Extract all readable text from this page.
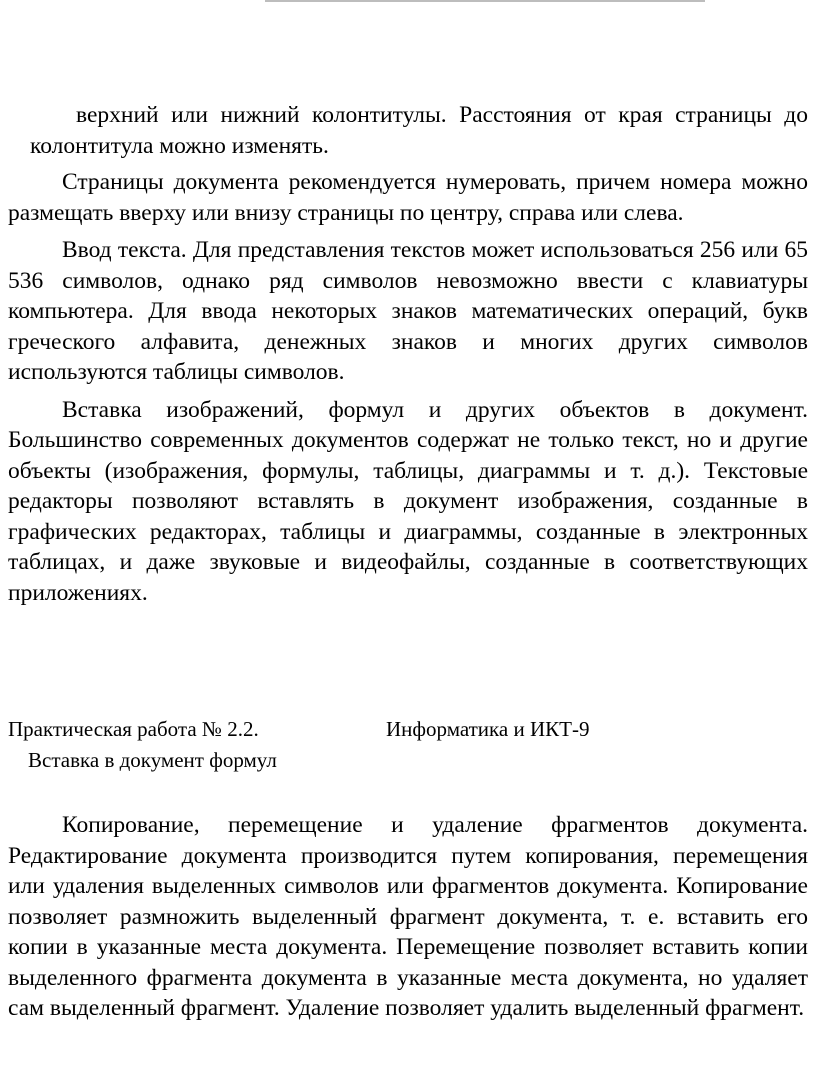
верхний или нижний колонтитулы. Расстояния от края страницы до колонтитула можно изменять.

Страницы документа рекомендуется нумеровать, причем номера можно размещать вверху или внизу страницы по центру, справа или слева.

Ввод текста. Для представления текстов может использоваться 256 или 65 536 символов, однако ряд символов невозможно ввести с клавиатуры компьютера. Для ввода некоторых знаков математических операций, букв греческого алфавита, денежных знаков и многих других символов используются таблицы символов.

Вставка изображений, формул и других объектов в документ. Большинство современных документов содержат не только текст, но и другие объекты (изображения, формулы, таблицы, диаграммы и т. д.). Текстовые редакторы позволяют вставлять в документ изображения, созданные в графических редакторах, таблицы и диаграммы, созданные в электронных таблицах, и даже звуковые и видеофайлы, созданные в соответствующих приложениях.

Практическая работа № 2.2.	Информатика и ИКТ-9
Вставка в документ формул

Копирование, перемещение и удаление фрагментов документа. Редактирование документа производится путем копирования, перемещения или удаления выделенных символов или фрагментов документа. Копирование позволяет размножить выделенный фрагмент документа, т. е. вставить его копии в указанные места документа. Перемещение позволяет вставить копии выделенного фрагмента документа в указанные места документа, но удаляет сам выделенный фрагмент. Удаление позволяет удалить выделенный фрагмент.
